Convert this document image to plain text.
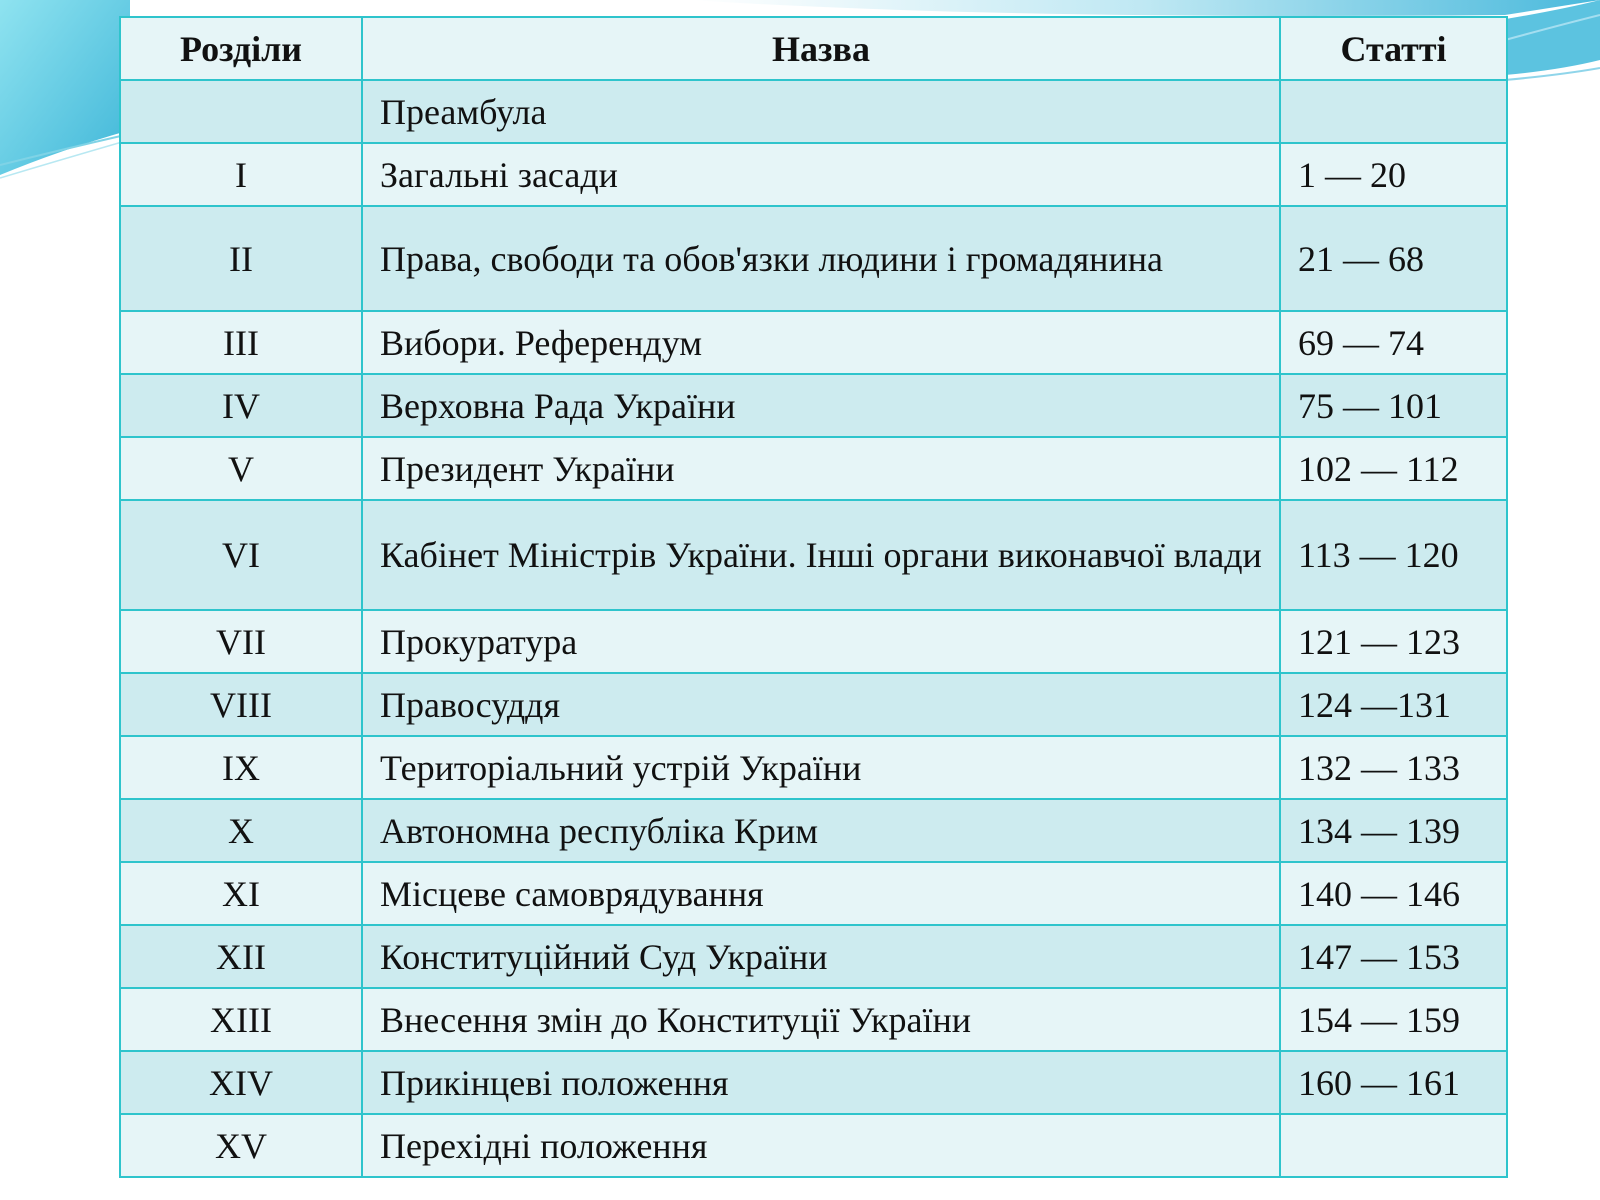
Розділи	Назва	Статті
	Преамбула	
I	Загальні засади	1 — 20
II	Права, свободи та обов'язки людини і громадянина	21 — 68
III	Вибори. Референдум	69 — 74
IV	Верховна Рада України	75 — 101
V	Президент України	102 — 112
VI	Кабінет Міністрів України. Інші органи виконавчої влади	113 — 120
VII	Прокуратура	121 — 123
VIII	Правосуддя	124 —131
IX	Територіальний устрій України	132 — 133
X	Автономна республіка Крим	134 — 139
XI	Місцеве самоврядування	140 — 146
XII	Конституційний Суд України	147 — 153
XIII	Внесення змін до Конституції України	154 — 159
XIV	Прикінцеві положення	160 — 161
XV	Перехідні положення	
